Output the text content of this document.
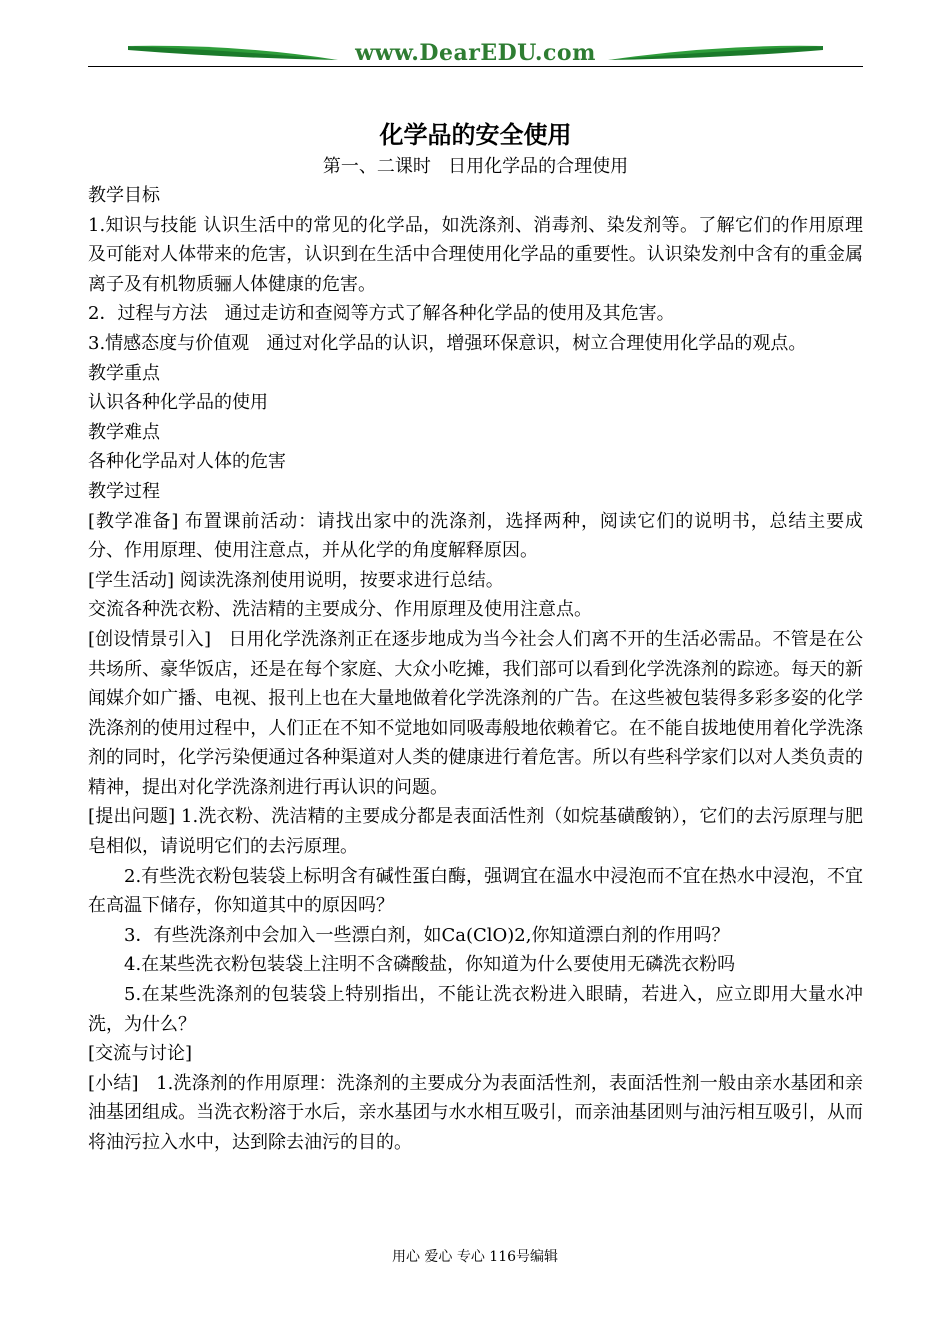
www.DearEDU.com
化学品的安全使用
第一、二课时   日用化学品的合理使用

教学目标

1.知识与技能 认识生活中的常见的化学品，如洗涤剂、消毒剂、染发剂等。了解它们的作用原理及可能对人体带来的危害，认识到在生活中合理使用化学品的重要性。认识染发剂中含有的重金属离子及有机物质骊人体健康的危害。

2．过程与方法   通过走访和查阅等方式了解各种化学品的使用及其危害。

3.情感态度与价值观   通过对化学品的认识，增强环保意识，树立合理使用化学品的观点。

教学重点

认识各种化学品的使用

教学难点

各种化学品对人体的危害

教学过程

[教学准备] 布置课前活动：请找出家中的洗涤剂，选择两种，阅读它们的说明书，总结主要成分、作用原理、使用注意点，并从化学的角度解释原因。

[学生活动] 阅读洗涤剂使用说明，按要求进行总结。

交流各种洗衣粉、洗洁精的主要成分、作用原理及使用注意点。

[创设情景引入]   日用化学洗涤剂正在逐步地成为当今社会人们离不开的生活必需品。不管是在公共场所、豪华饭店，还是在每个家庭、大众小吃摊，我们部可以看到化学洗涤剂的踪迹。每天的新闻媒介如广播、电视、报刊上也在大量地做着化学洗涤剂的广告。在这些被包装得多彩多姿的化学洗涤剂的使用过程中，人们正在不知不觉地如同吸毒般地依赖着它。在不能自拔地使用着化学洗涤剂的同时，化学污染便通过各种渠道对人类的健康进行着危害。所以有些科学家们以对人类负责的精神，提出对化学洗涤剂进行再认识的问题。

[提出问题] 1.洗衣粉、洗洁精的主要成分都是表面活性剂（如烷基磺酸钠），它们的去污原理与肥皂相似，请说明它们的去污原理。

2.有些洗衣粉包装袋上标明含有碱性蛋白酶，强调宜在温水中浸泡而不宜在热水中浸泡，不宜在高温下储存，你知道其中的原因吗？

3．有些洗涤剂中会加入一些漂白剂，如Ca(ClO)2,你知道漂白剂的作用吗？

4.在某些洗衣粉包装袋上注明不含磷酸盐，你知道为什么要使用无磷洗衣粉吗

5.在某些洗涤剂的包装袋上特别指出，不能让洗衣粉进入眼睛，若进入，应立即用大量水冲洗，为什么？

[交流与讨论]

[小结]   1.洗涤剂的作用原理：洗涤剂的主要成分为表面活性剂，表面活性剂一般由亲水基团和亲油基团组成。当洗衣粉溶于水后，亲水基团与水水相互吸引，而亲油基团则与油污相互吸引，从而将油污拉入水中，达到除去油污的目的。

用心 爱心 专心 116号编辑
